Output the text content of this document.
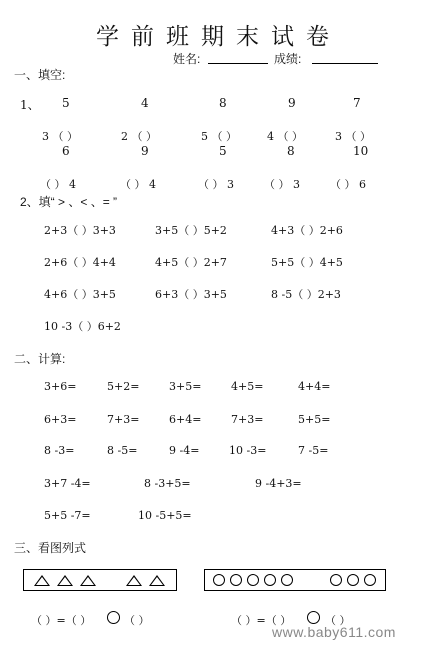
学前班期末试卷
姓名:	成绩:
一、填空:
1、 5	4	8	9	7
3 （ ）	2 （ ）	5 （ ）	4 （ ）	3 （ ）
6	9	5	8	10
（ ） 4	（ ） 4	（ ） 3	（ ） 3	（ ） 6
2、填“ > 、< 、= ”
2+3（ ）3+3	3+5（ ）5+2	4+3（ ）2+6
2+6（ ）4+4	4+5（ ）2+7	5+5（ ）4+5
4+6（ ）3+5	6+3（ ）3+5	8 -5（ ）2+3
10 -3（ ）6+2
二、计算:
3+6=	5+2=	3+5=	4+5=	4+4=
6+3=	7+3=	6+4=	7+3=	5+5=
8 -3=	8 -5=	9 -4=	10 -3=	7 -5=
3+7 -4=	8 -3+5=	9 -4+3=
5+5 -7=	10 -5+5=
三、看图列式
（ ）=（ ）	（ ）	（ ）=（ ）	（ ）
www.baby611.com
